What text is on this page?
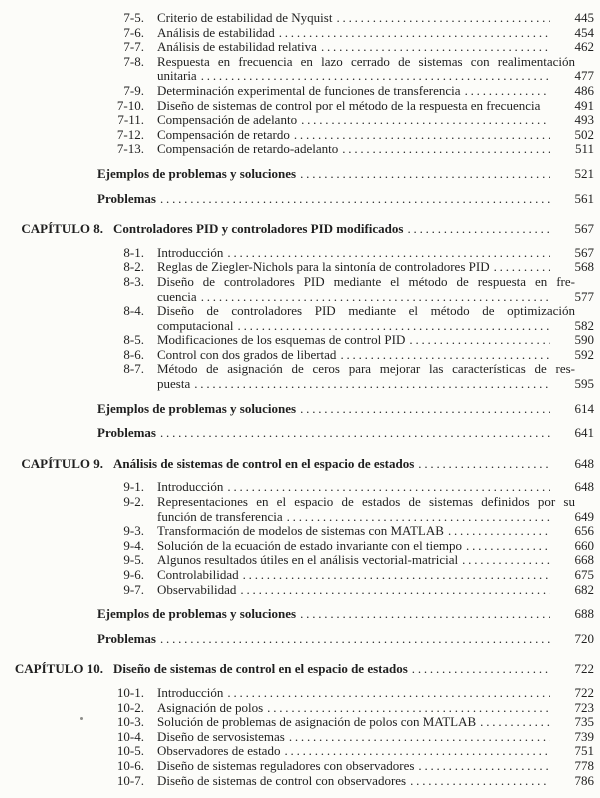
7-5. Criterio de estabilidad de Nyquist .....	445
7-6. Análisis de estabilidad .....	454
7-7. Análisis de estabilidad relativa .....	462
7-8. Respuesta en frecuencia en lazo cerrado de sistemas con realimentación
unitaria .....	477
7-9. Determinación experimental de funciones de transferencia .....	486
7-10. Diseño de sistemas de control por el método de la respuesta en frecuencia	491
7-11. Compensación de adelanto .....	493
7-12. Compensación de retardo .....	502
7-13. Compensación de retardo-adelanto .....	511
Ejemplos de problemas y soluciones .....	521
Problemas .....	561
CAPÍTULO 8. Controladores PID y controladores PID modificados .....	567
8-1. Introducción .....	567
8-2. Reglas de Ziegler-Nichols para la sintonía de controladores PID .....	568
8-3. Diseño de controladores PID mediante el método de respuesta en fre-
cuencia .....	577
8-4. Diseño de controladores PID mediante el método de optimización
computacional .....	582
8-5. Modificaciones de los esquemas de control PID .....	590
8-6. Control con dos grados de libertad .....	592
8-7. Método de asignación de ceros para mejorar las características de res-
puesta .....	595
Ejemplos de problemas y soluciones .....	614
Problemas .....	641
CAPÍTULO 9. Análisis de sistemas de control en el espacio de estados .....	648
9-1. Introducción .....	648
9-2. Representaciones en el espacio de estados de sistemas definidos por su
función de transferencia .....	649
9-3. Transformación de modelos de sistemas con MATLAB .....	656
9-4. Solución de la ecuación de estado invariante con el tiempo .....	660
9-5. Algunos resultados útiles en el análisis vectorial-matricial .....	668
9-6. Controlabilidad .....	675
9-7. Observabilidad .....	682
Ejemplos de problemas y soluciones .....	688
Problemas .....	720
CAPÍTULO 10. Diseño de sistemas de control en el espacio de estados .....	722
10-1. Introducción .....	722
10-2. Asignación de polos .....	723
10-3. Solución de problemas de asignación de polos con MATLAB .....	735
10-4. Diseño de servosistemas .....	739
10-5. Observadores de estado .....	751
10-6. Diseño de sistemas reguladores con observadores .....	778
10-7. Diseño de sistemas de control con observadores .....	786
